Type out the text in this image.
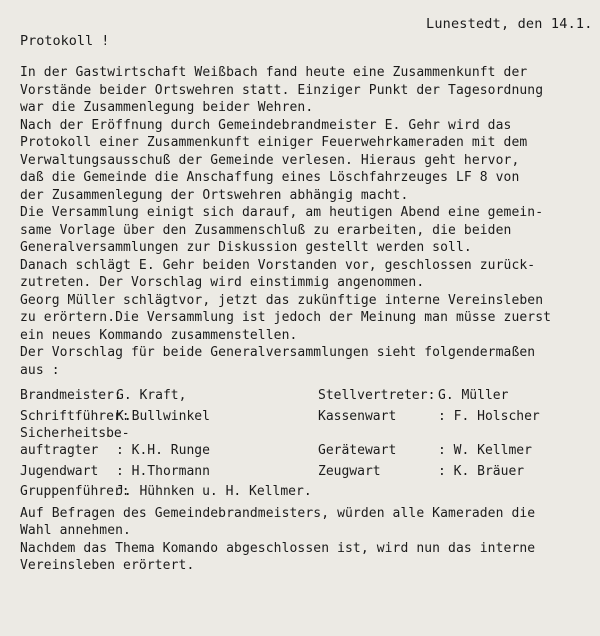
Lunestedt, den 14.1.
Protokoll !
In der Gastwirtschaft Weißbach fand heute eine Zusammenkunft der
Vorstände beider Ortswehren statt. Einziger Punkt der Tagesordnung
war die Zusammenlegung beider Wehren.
Nach der Eröffnung durch Gemeindebrandmeister E. Gehr wird das
Protokoll einer Zusammenkunft einiger Feuerwehrkameraden mit dem
Verwaltungsausschuß der Gemeinde verlesen. Hieraus geht hervor,
daß die Gemeinde die Anschaffung eines Löschfahrzeuges LF 8 von
der Zusammenlegung der Ortswehren abhängig macht.
Die Versammlung einigt sich darauf, am heutigen Abend eine gemein-
same Vorlage über den Zusammenschluß zu erarbeiten, die beiden
Generalversammlungen zur Diskussion gestellt werden soll.
Danach schlägt E. Gehr beiden Vorstanden vor, geschlossen zurück-
zutreten. Der Vorschlag wird einstimmig angenommen.
Georg Müller schlägtvor, jetzt das zukünftige interne Vereinsleben
zu erörtern.Die Versammlung ist jedoch der Meinung man müsse zuerst
ein neues Kommando zusammenstellen.
Der Vorschlag für beide Generalversammlungen sieht folgendermaßen
aus :
Brandmeister:
G. Kraft,	Stellvertreter: G. Müller
Schriftführer:
K.Bullwinkel	Kassenwart	: F. Holscher
Sicherheitsbe-
auftragter : K.H. Runge	Gerätewart	: W. Kellmer
Jugendwart : H.Thormann	Zeugwart	: K. Bräuer
Gruppenführer:
J. Hühnken u. H. Kellmer.
Auf Befragen des Gemeindebrandmeisters, würden alle Kameraden die
Wahl annehmen.
Nachdem das Thema Komando abgeschlossen ist, wird nun das interne
Vereinsleben erörtert.
